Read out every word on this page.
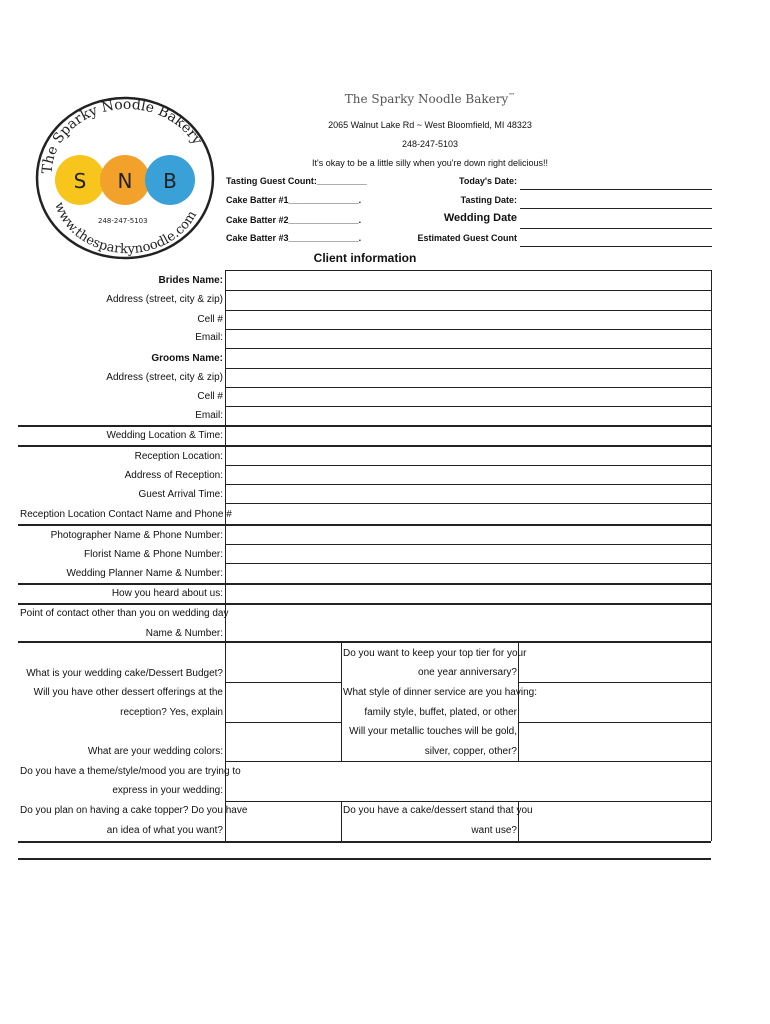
The Sparky Noodle Bakery
www.thesparkynoodle.com
S N B
248-247-5103
The Sparky Noodle Bakery™
2065 Walnut Lake Rd ~ West Bloomfield, MI 48323
248-247-5103
It's okay to be a little silly when you're down right delicious!!
Tasting Guest Count:__________
Cake Batter #1______________.
Cake Batter #2______________.
Cake Batter #3______________.
Today's Date:
Tasting Date:
Wedding Date
Estimated Guest Count
Client information
Brides Name:
Address (street, city & zip)
Cell #
Email:
Grooms Name:
Address (street, city & zip)
Cell #
Email:
Wedding Location & Time:
Reception Location:
Address of Reception:
Guest Arrival Time:
Reception Location Contact Name and Phone #
Photographer Name & Phone Number:
Florist Name & Phone Number:
Wedding Planner Name & Number:
How you heard about us:
Point of contact other than you on wedding day
Name & Number:
What is your wedding cake/Dessert Budget?
Will you have other dessert offerings at the
reception? Yes, explain
What are your wedding colors:
Do you have a theme/style/mood you are trying to
express in your wedding:
Do you plan on having a cake topper? Do you have
an idea of what you want?
Do you want to keep your top tier for your
one year anniversary?
What style of dinner service are you having:
family style, buffet, plated, or other
Will your metallic touches will be gold,
silver, copper, other?
Do you have a cake/dessert stand that you
want use?
